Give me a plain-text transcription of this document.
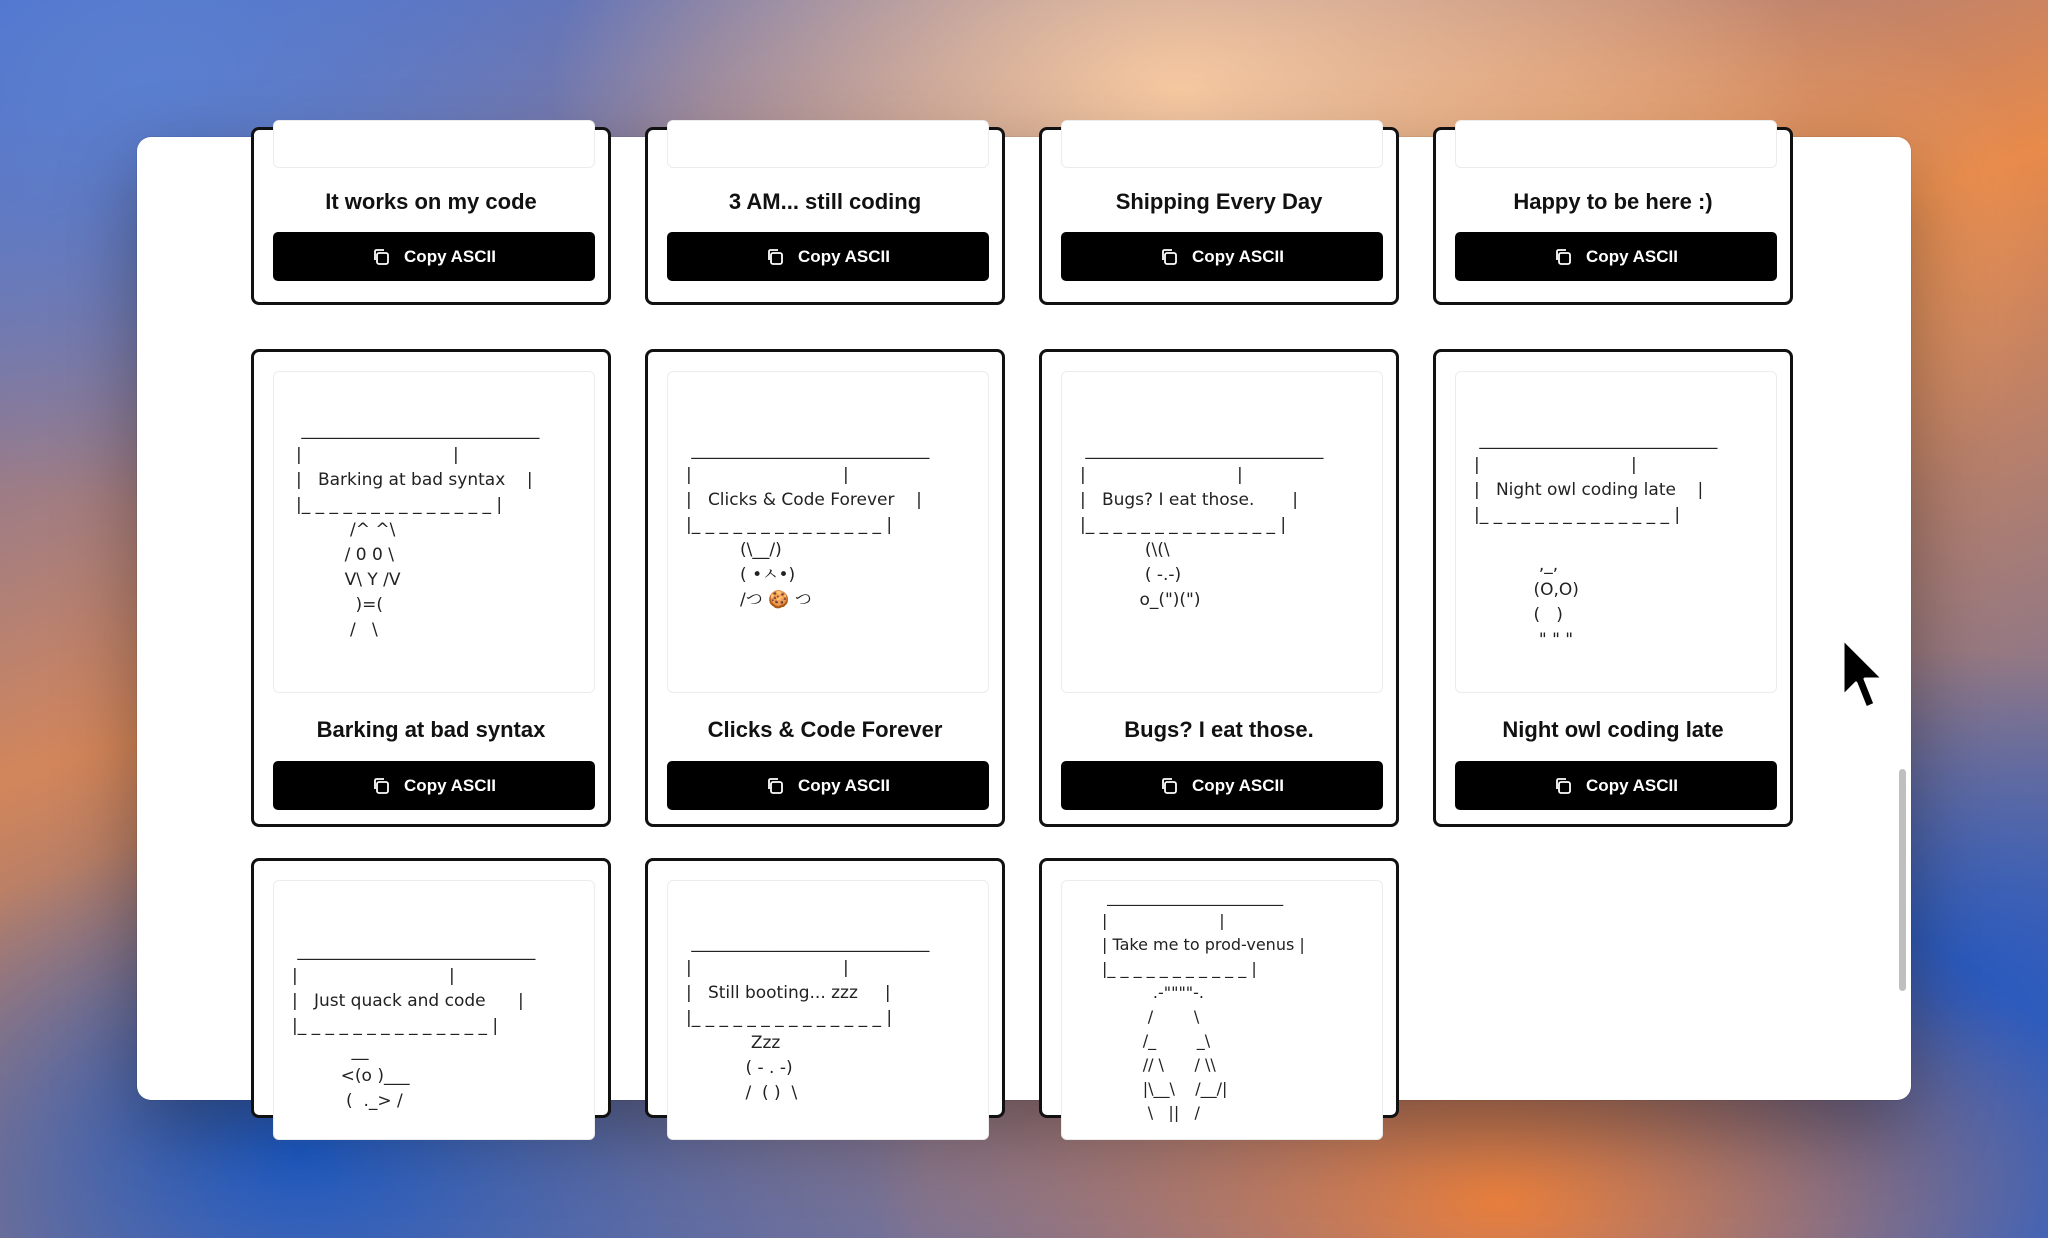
It works on my code
Copy ASCII
3 AM... still coding
Copy ASCII
Shipping Every Day
Copy ASCII
Happy to be here :)
Copy ASCII
____________________________
|                            |
|   Barking at bad syntax    |
|_ _ _ _ _ _ _ _ _ _ _ _ _ _ |
/^ ^\
/ 0 0 \
V\ Y /V
)=(
/   \
Barking at bad syntax
Copy ASCII
____________________________
|                            |
|   Clicks & Code Forever    |
|_ _ _ _ _ _ _ _ _ _ _ _ _ _ |
(\__/)
( •ㅅ•)
/つ 🍪 つ
Clicks & Code Forever
Copy ASCII
____________________________
|                            |
|   Bugs? I eat those.       |
|_ _ _ _ _ _ _ _ _ _ _ _ _ _ |
(\(\
( -.-)
o_(")(")
Bugs? I eat those.
Copy ASCII
____________________________
|                            |
|   Night owl coding late    |
|_ _ _ _ _ _ _ _ _ _ _ _ _ _ |

,_,
(O,O)
(   )
" " "
Night owl coding late
Copy ASCII
____________________________
|                            |
|   Just quack and code      |
|_ _ _ _ _ _ _ _ _ _ _ _ _ _ |
__
<(o )___
(  ._> /
____________________________
|                            |
|   Still booting... zzz     |
|_ _ _ _ _ _ _ _ _ _ _ _ _ _ |
Zzz
( - . -)
/  ( )  \
______________________
|                      |
| Take me to prod-venus |
|_ _ _ _ _ _ _ _ _ _ _ |
.-""""-.
/        \
/_        _\
// \      / \\
|\__\    /__/|
\   ||   /
